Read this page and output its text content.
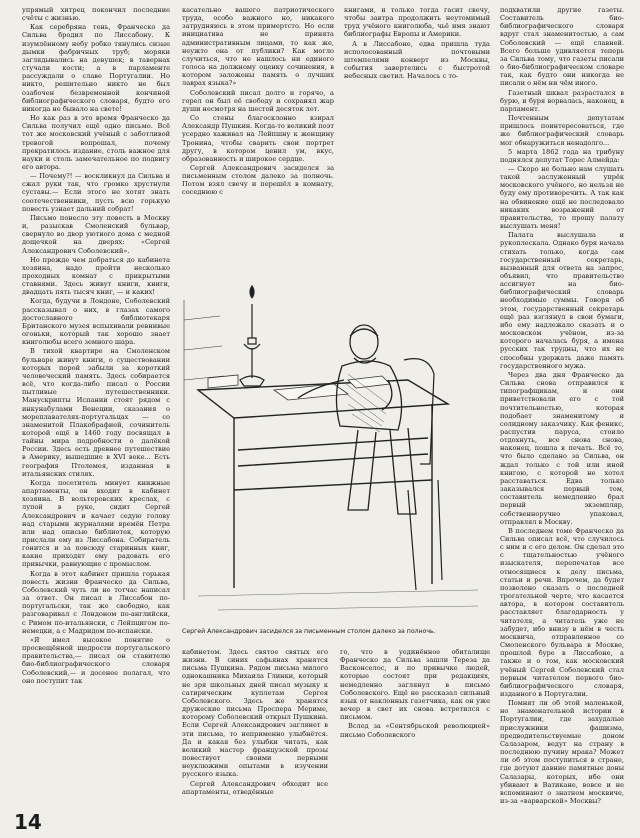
упрямый хитрец покончил последние счёты с жизнью.

Как серебряна тень, Франческо да Сильва бродил по Лиссабону. К изумлённому небу робко тянулись сизые дымки фабричных труб; моряки заглядывались на девушек; в тавернах стучали кости; а в парламенте рассуждали о славе Португалии. Но никто, решительно никто не был озабочен безвременной кончиной библиографического словаря, будто его никогда не бывало на свете!

Но как раз в это время Франческо да Сильва получил ещё одно письмо. Всё тот же московский учёный с заботливой тревогой вопрошал, почему прекратилось издание, столь важное для науки и столь замечательное по подвигу его автора.

— Почему?! — воскликнул да Сильва и сжал руки так, что громко хрустнули суставы.— Если этого не хотят знать соотечественники, пусть всю горькую повесть узнает дальний собрат!

Письмо понесло эту повесть в Москву и, разыскав Смоленский бульвар, свернуло во двор уютного дома с медной дощечкой на дверях: «Сергей Александрович Соболевский».

Но прежде чем добраться до кабинета хозяина, надо пройти несколько проходных комнат с прикрытыми ставнями. Здесь живут книги, книги, двадцать пять тысяч книг, — и каких!

Когда, будучи в Лондоне, Соболевский рассказывал о них, в глазах самого достославного библиотекаря Британского музея вспыхивали ревнивые огоньки, который так хорошо знает книголюбы всего земного шара.

В тихой квартире на Смоленском бульваре живут книги, о существовании которых порой забыли за короткий человеческий память. Здесь собирается всё, что когда-либо писал о России пытливые путешественники. Манускрипты Испании стоят рядом с инкунабулами Венеции, сказания о мореплавателях-португальцах — со знаменитой Плакобрафией, сочинитель которой ещё в 1460 году посвящал в тайны мира подробности о далёкой России. Здесь есть древнее путешествие в Америку, вышедшие в XVI веке... Есть география Птолемея, изданная в итальянских стилях.

Когда посетитель минует книжные апартаменты, он входит в кабинет хозяина. В вольтеровских креслах, с лупой в руке, сидит Сергей Александрович и качает седую голову над старыми журналами времён Петра или над описью библиотек, которую прислали ему из Лиссабона. Собиратель гонится и за повсюду старинных книг, какие приходят ему радовать его привычки, равнующие с промыслом.

Когда в этот кабинет пришла горькая повесть жизни Франческо да Сильва, Соболевский чуть ли не тотчас написал за ответ. Он писал в Лиссабон по-португальски, так же свободно, как разговаривал с Лондоном по-английски, с Римом по-итальянски, с Лейпцигом по-немецки, а с Мадридом по-испански.

«Я имел высокое понятие о просвещённой щедрости португальского правительства,— писал он ставителю био-библиографического словаря Соболевский,— и досенее полагал, что оно поступит так

касательно вашего патриотического труда, особо важного но, никакого затрудняюсь в этом примертсто. Но если инициатива не принята административным лицами, то как же, неужто она от публики? Как могло случиться, что не нашлось ни единого голоса на должному оценку сочинения, в котором заложены память о лучших лаврах языка?»

Соболевский писал долго и горячо, а горел он был её свободу и сохранял жар души несмотря на шестой десяток лет.

Со стены благосклонно взирал Александр Пушкин. Когда-то великий поэт усердно хаживал на Лейпшну к женщину Тронина, чтобы сварить свои портрет другу, в котором ценил ум, вкус, образованность и широкое сердце.

Сергей Александрович засиделся за письменным столом далеко за полночь. Потом взял свечу и перешёл в комнату, соседнюю с

книгами, и только тогда гасит свечу, чтобы завтра продолжить неутомимый труд учёного книголюба, чьё имя знают библиографы Европы и Америки.

А в Лиссабоне, едва пришла туда исполосованный почтовыми штемпелями конверт из Москвы, события завертелись с быстротой небесных светил. Началось с то-

Сергей Александрович засиделся за письменным столом далеко за полночь.

кабинетом. Здесь святое святых его жизни. В синих сафьянах хранятся письма Пушкина. Рядом письма милого однокашника Михаила Глинки, который не зря школьных дней писал музыку к сатирическим куплетам Сергея Соболевского. Здесь же хранятся дружеские письма Проспера Мериме, которому Соболевский открыл Пушкина. Если Сергей Александрович заглянет в эти письма, то неприменно улыбнётся. Да и какая без улыбки читать, как великий мастер французской прозы повествует своими первыми неуклюжими опытами в изучении русского языка.

Сергей Александрович обходит все апартаменты, отведённые

го, что в уединённое обиталище Франческо да Сильва зашли Тереза да Васконселос, и по привычке людей, которые состоят при редакциях, немедленно заглянул в письмо Соболевского. Ещё не рассказал сильный язык от наклонных газетчика, как он уже вечер в свет их снова встретился с письмом.

Вслед за «Сентябрьской революцией» письмо Соболевского

подхватили другие газеты. Составитель био-библиографического словаря вдруг стал знаменитостью, а сам Соболевский — ещё славней. Всего больше удивляется теперь за Сильва тому, что газеты писали о био-библиографическом словаре так, как будто они никогда не писали о нём ни чём иного.

Газетный шквал разрастался в бурю, и буря ворвалась, наконец, в парламент.

Почтенным депутатам пришлось поинтересоваться, где же библиографический словарь мог обнаружиться ненадолго...

5 марта 1862 года на трибуну поднялся депутат Торес Алмейда:

— Скоро не больно нам слушать такой заслуженный упрёк московского учёного, но нельзя не буду ему противоречить. А так как на обвинение ещё не последовало никаких возражений от правительства, то прошу палату выслушать меня!

Палата выслушала и рукоплескала. Однако буря начала стихать только, когда сам государственный секретарь, вызванный для ответа на запрос, объявил, что правительство ассигнует на био-библиографический словарь необходимые суммы. Говоря об этом, государственный секретарь ещё раз взглянул в свои бумаги, ибо ему надлежало сказать и о московском учёном, из-за которого началась буря, а имена русских так трудны, что их не способны удержать даже память государственного мужа.

Через два дня Франческо да Сильва снова отправился к типографщикам, и они приветствовали его с той почтительностью, которая подобает знаменитому и солидному заказчику. Как феникс, распустив паруса, стоило отдохнуть, все снова снова, наконец, пошла в печать. Всё то, что было сделано за Сильва, он ждал только с той или иной книгою, с которой не хотел расставаться. Едва только заказывался первый том, составитель немедленно брал первый экземпляр, собственноручно упаковал, отправлял в Москву.

В последнем томе Франческо да Сильва описал всё, что случилось с ним и с его делом. Он сделал это с тщательностью учёного изыскателя, перепечатав все относящиеся к делу письма, статьи и речи. Впрочем, да будет позволено сказать о последней трогательной черте, что касается автора, в котором составитель расставляет благодарность у читателя, а читатель уже не забудет, ибо внизу в нём в честь москвича, отправленное со Смоленского бульвара в Москве, прошлой буре в Лиссабоне, а также и о том, как московский учёный Сергей Соболевский стал первым читателем первого био-библиографического словаря, изданного в Португалии.

Помнят ли об этой маленькой, но знаменательной истории в Португалии, где захудалые прислужники фашизма, предводительствуемые доном Салазаром, ведут на страну в последнюю пучину мрака? Может ли об этом поступиться в стране, где дотуют давние памятные доны Салазары, которых, ибо они убивают в Ватикане, вовсе и не вспоминают о знатном москвиче, из-за «варварской» Москвы?

14
